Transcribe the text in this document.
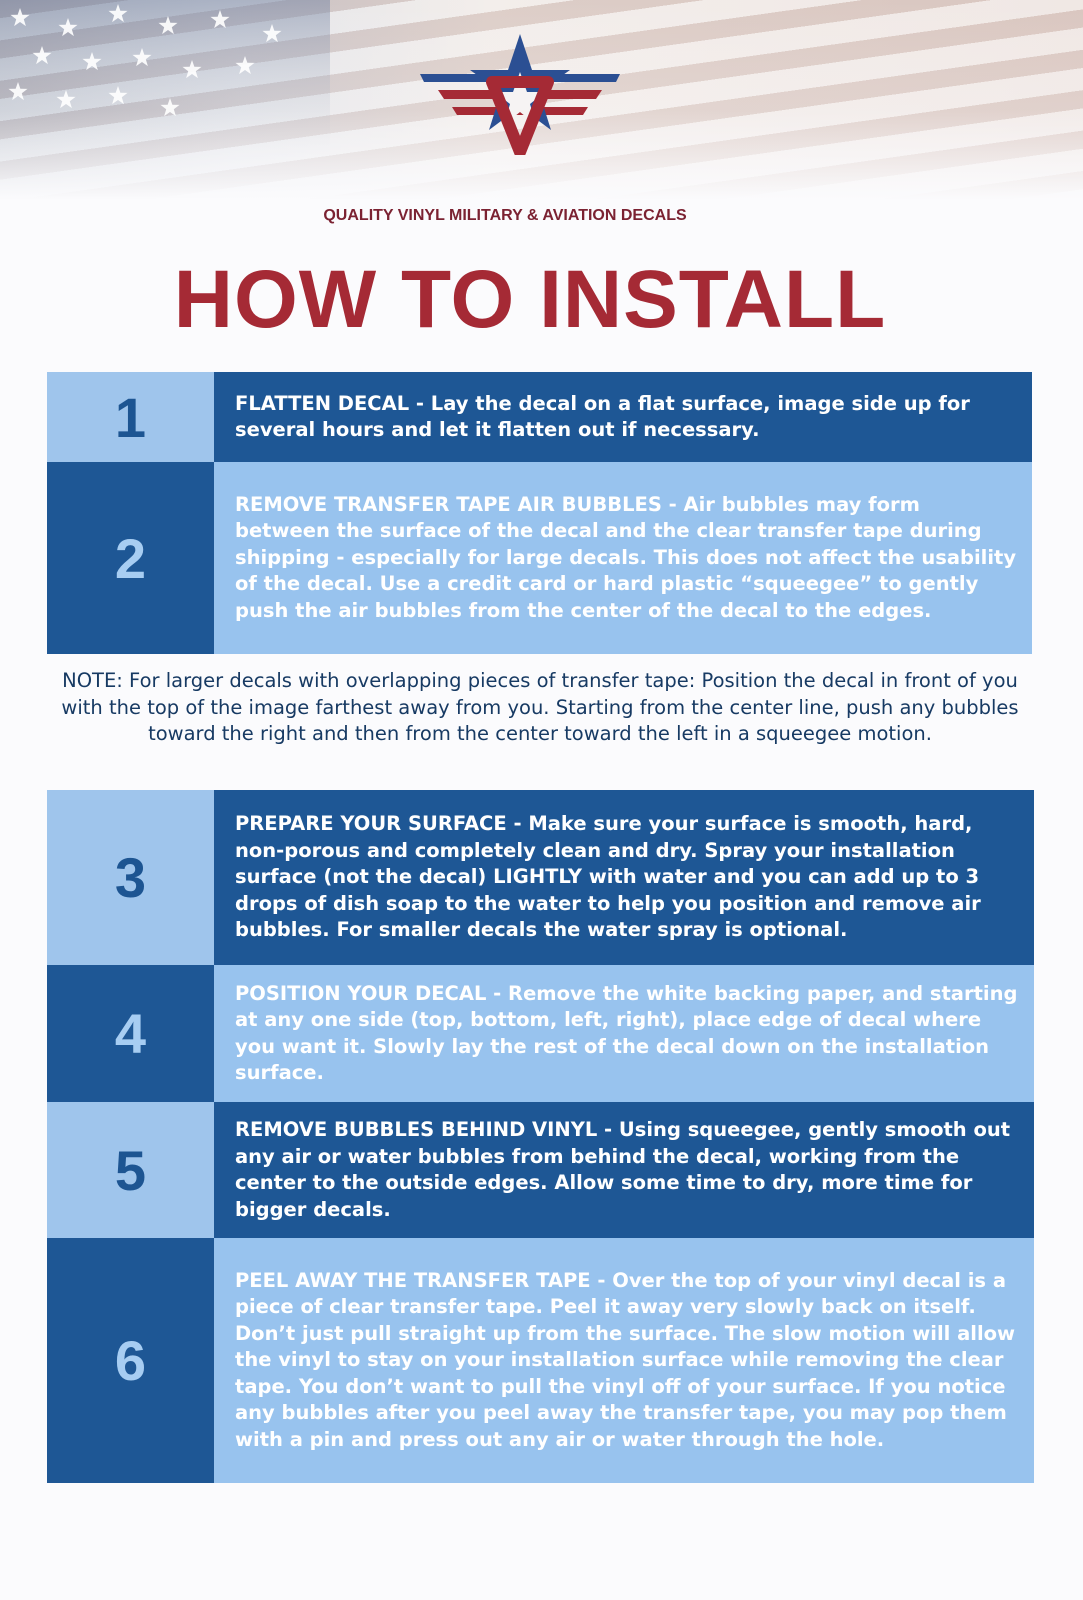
QUALITY VINYL MILITARY & AVIATION DECALS
HOW TO INSTALL
1	FLATTEN DECAL - Lay the decal on a flat surface, image side up for several hours and let it flatten out if necessary.
2
REMOVE TRANSFER TAPE AIR BUBBLES - Air bubbles may form between the surface of the decal and the clear transfer tape during shipping - especially for large decals. This does not affect the usability of the decal. Use a credit card or hard plastic “squeegee” to gently push the air bubbles from the center of the decal to the edges.
NOTE: For larger decals with overlapping pieces of transfer tape: Position the decal in front of you with the top of the image farthest away from you. Starting from the center line, push any bubbles toward the right and then from the center toward the left in a squeegee motion.
3
PREPARE YOUR SURFACE - Make sure your surface is smooth, hard, non-porous and completely clean and dry. Spray your installation surface (not the decal) LIGHTLY with water and you can add up to 3 drops of dish soap to the water to help you position and remove air bubbles. For smaller decals the water spray is optional.
4
POSITION YOUR DECAL - Remove the white backing paper, and starting at any one side (top, bottom, left, right), place edge of decal where you want it. Slowly lay the rest of the decal down on the installation surface.
5
REMOVE BUBBLES BEHIND VINYL - Using squeegee, gently smooth out any air or water bubbles from behind the decal, working from the center to the outside edges. Allow some time to dry, more time for bigger decals.
6
PEEL AWAY THE TRANSFER TAPE - Over the top of your vinyl decal is a piece of clear transfer tape. Peel it away very slowly back on itself. Don’t just pull straight up from the surface. The slow motion will allow the vinyl to stay on your installation surface while removing the clear tape. You don’t want to pull the vinyl off of your surface. If you notice any bubbles after you peel away the transfer tape, you may pop them with a pin and press out any air or water through the hole.
